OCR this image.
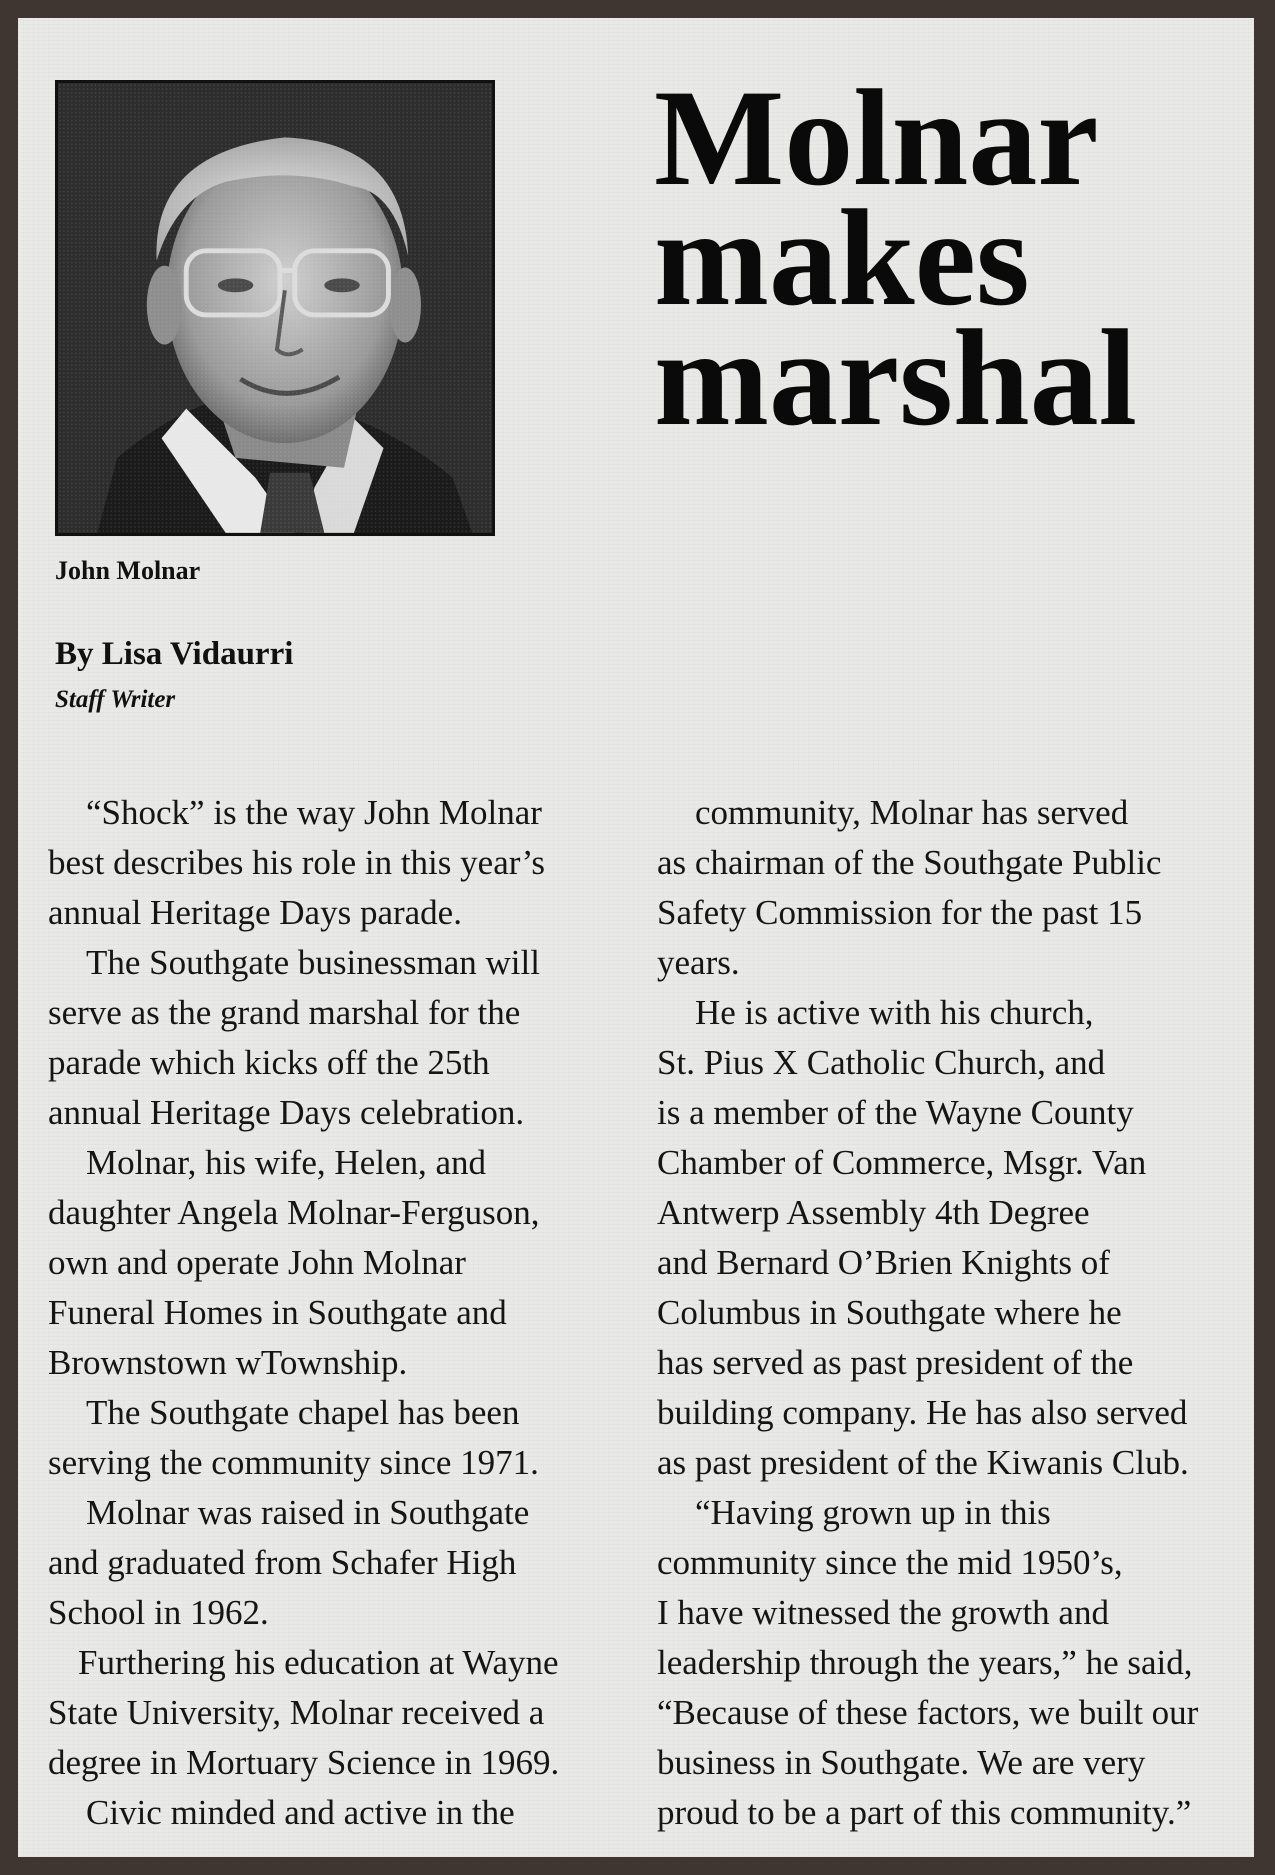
John Molnar
Molnar
makes
marshal
By Lisa Vidaurri
Staff Writer

“Shock” is the way John Molnar

best describes his role in this year’s

annual Heritage Days parade.

The Southgate businessman will

serve as the grand marshal for the

parade which kicks off the 25th

annual Heritage Days celebration.

Molnar, his wife, Helen, and

daughter Angela Molnar-Ferguson,

own and operate John Molnar

Funeral Homes in Southgate and

Brownstown wTownship.

The Southgate chapel has been

serving the community since 1971.

Molnar was raised in Southgate

and graduated from Schafer High

School in 1962.

Furthering his education at Wayne

State University, Molnar received a

degree in Mortuary Science in 1969.

Civic minded and active in the

community, Molnar has served

as chairman of the Southgate Public

Safety Commission for the past 15

years.

He is active with his church,

St. Pius X Catholic Church, and

is a member of the Wayne County

Chamber of Commerce, Msgr. Van

Antwerp Assembly 4th Degree

and Bernard O’Brien Knights of

Columbus in Southgate where he

has served as past president of the

building company. He has also served

as past president of the Kiwanis Club.

“Having grown up in this

community since the mid 1950’s,

I have witnessed the growth and

leadership through the years,” he said,

“Because of these factors, we built our

business in Southgate. We are very

proud to be a part of this community.”
